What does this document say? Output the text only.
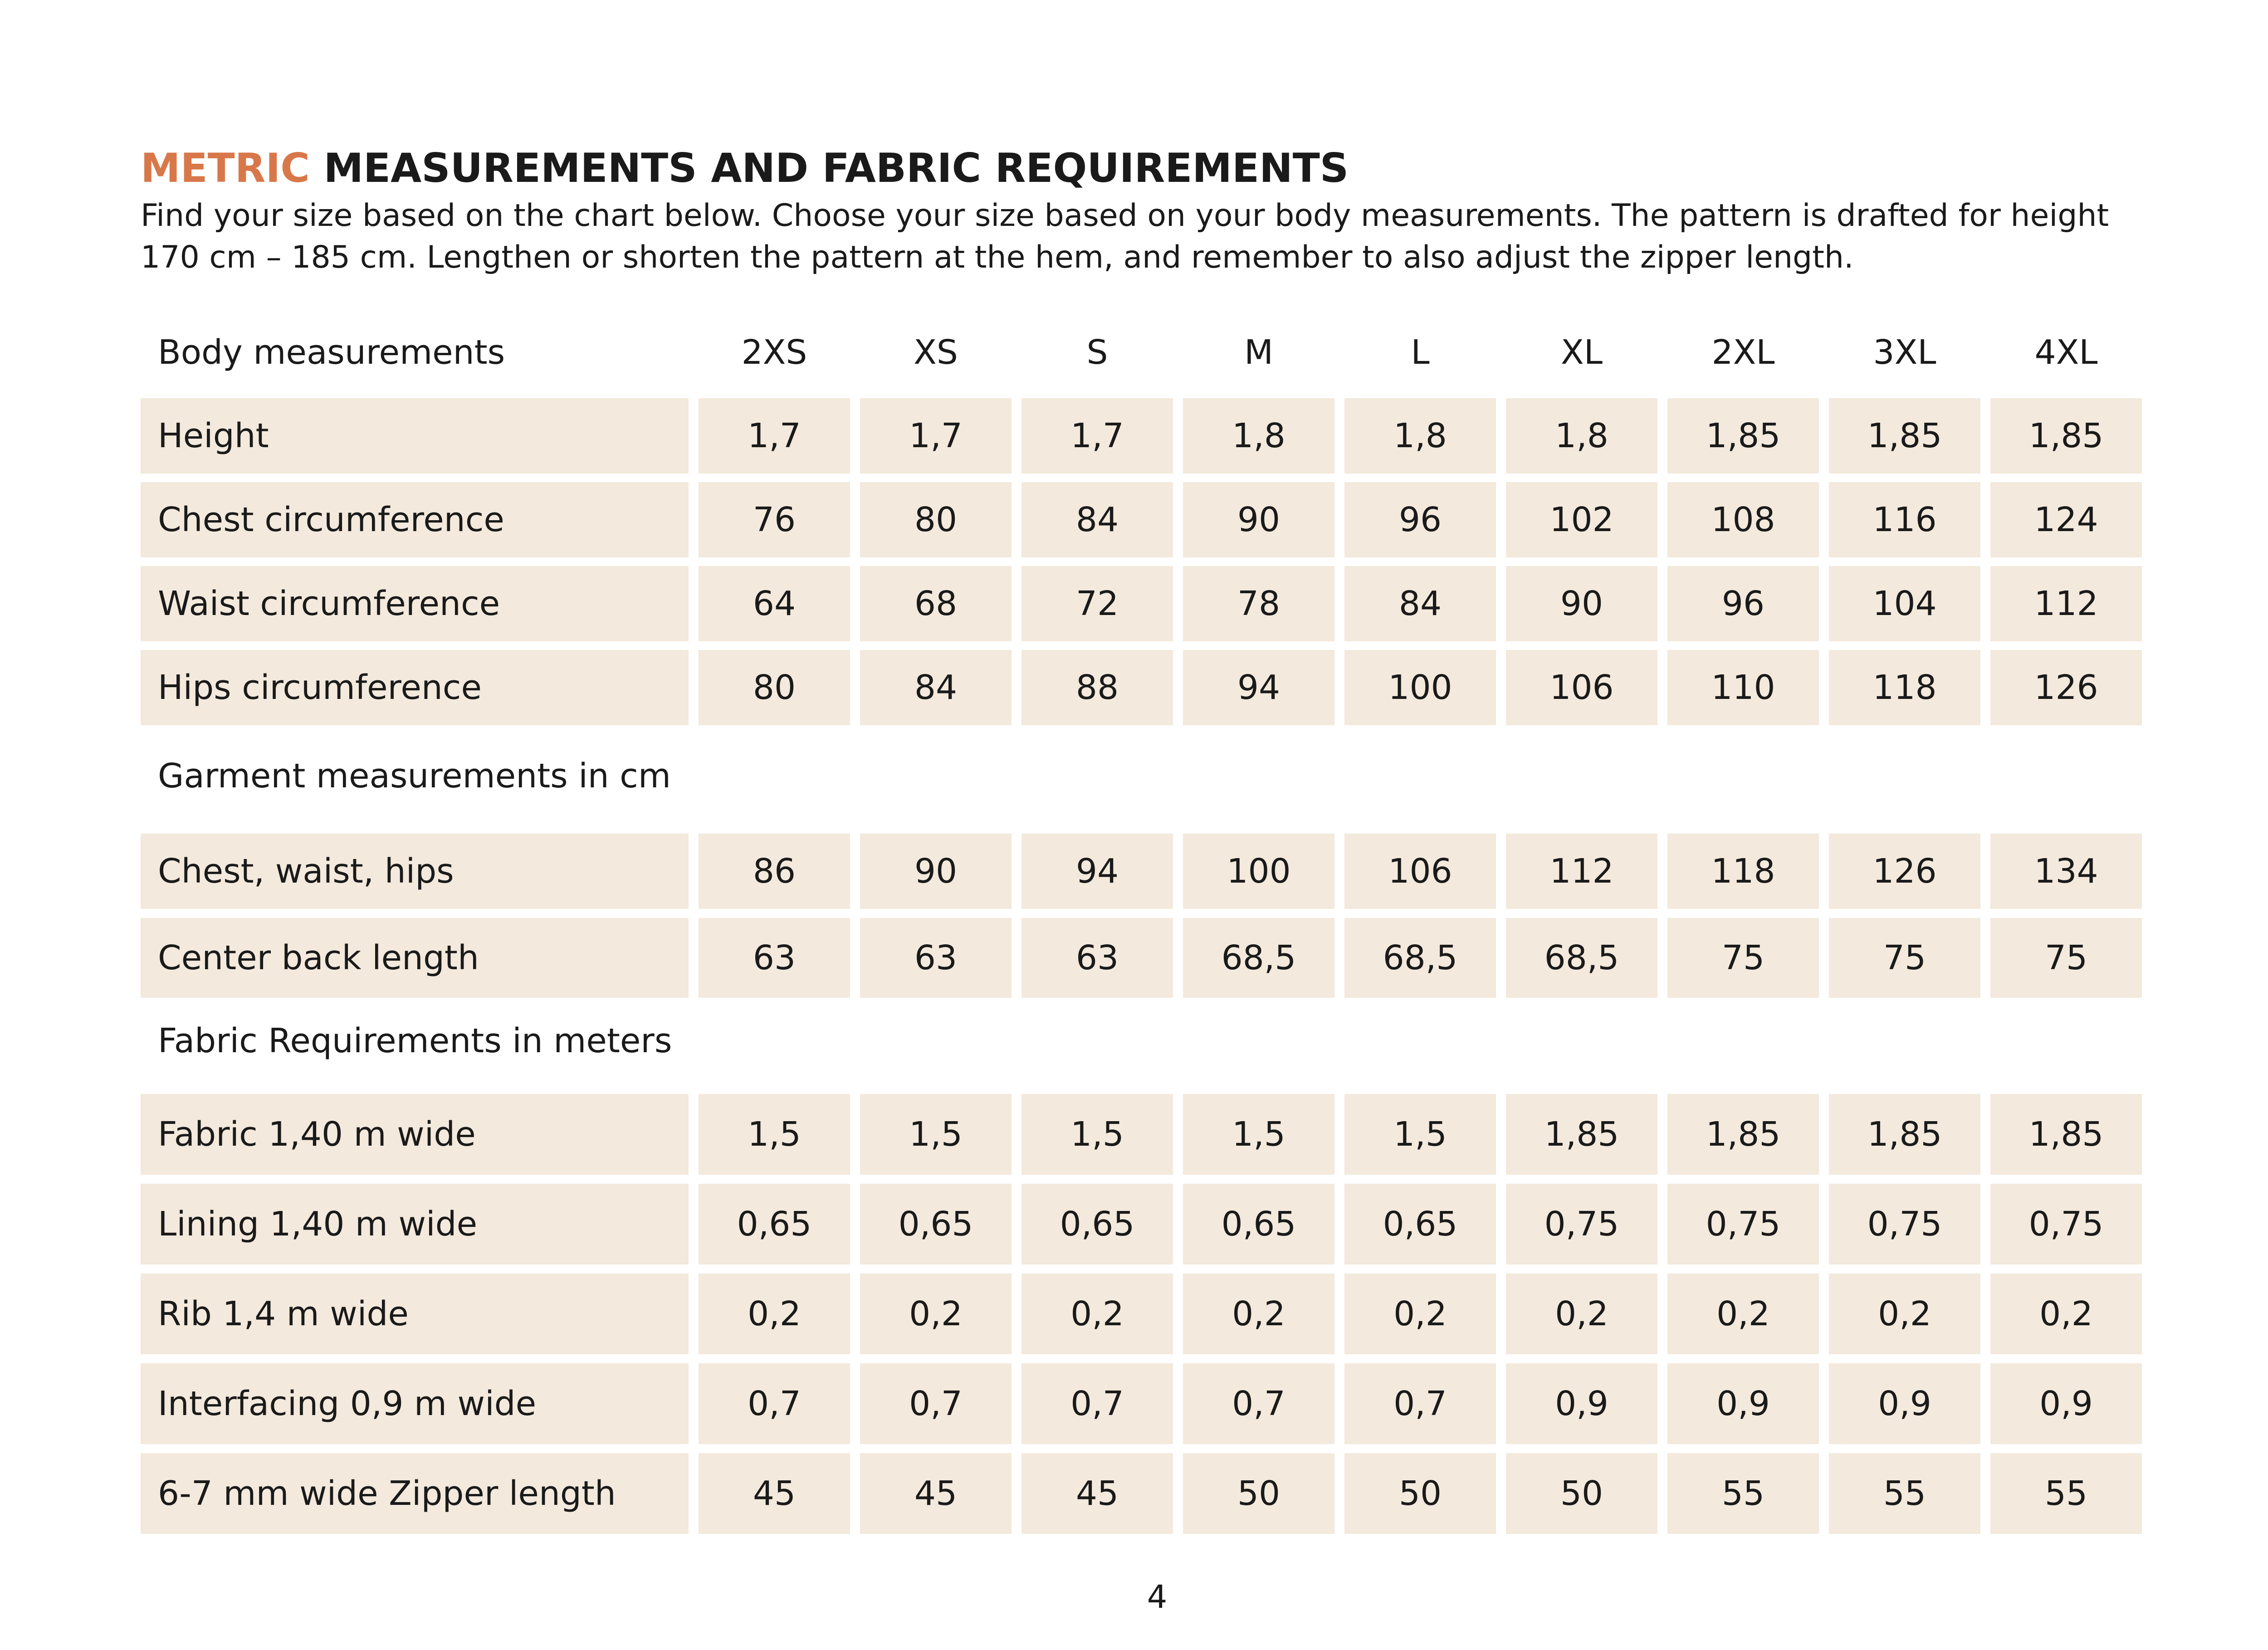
METRIC MEASUREMENTS AND FABRIC REQUIREMENTS

Find your size based on the chart below. Choose your size based on your body measurements. The pattern is drafted for height

170 cm – 185 cm. Lengthen or shorten the pattern at the hem, and remember to also adjust the zipper length.

Body measurements	2XS	XS	S	M	L	XL	2XL	3XL	4XL
Height	1,7	1,7	1,7	1,8	1,8	1,8	1,85	1,85	1,85
Chest circumference	76	80	84	90	96	102	108	116	124
Waist circumference	64	68	72	78	84	90	96	104	112
Hips circumference	80	84	88	94	100	106	110	118	126
Garment measurements in cm
Chest, waist, hips	86	90	94	100	106	112	118	126	134
Center back length	63	63	63	68,5	68,5	68,5	75	75	75
Fabric Requirements in meters
Fabric 1,40 m wide	1,5	1,5	1,5	1,5	1,5	1,85	1,85	1,85	1,85
Lining 1,40 m wide	0,65	0,65	0,65	0,65	0,65	0,75	0,75	0,75	0,75
Rib 1,4 m wide	0,2	0,2	0,2	0,2	0,2	0,2	0,2	0,2	0,2
Interfacing 0,9 m wide	0,7	0,7	0,7	0,7	0,7	0,9	0,9	0,9	0,9
6-7 mm wide Zipper length	45	45	45	50	50	50	55	55	55
4
